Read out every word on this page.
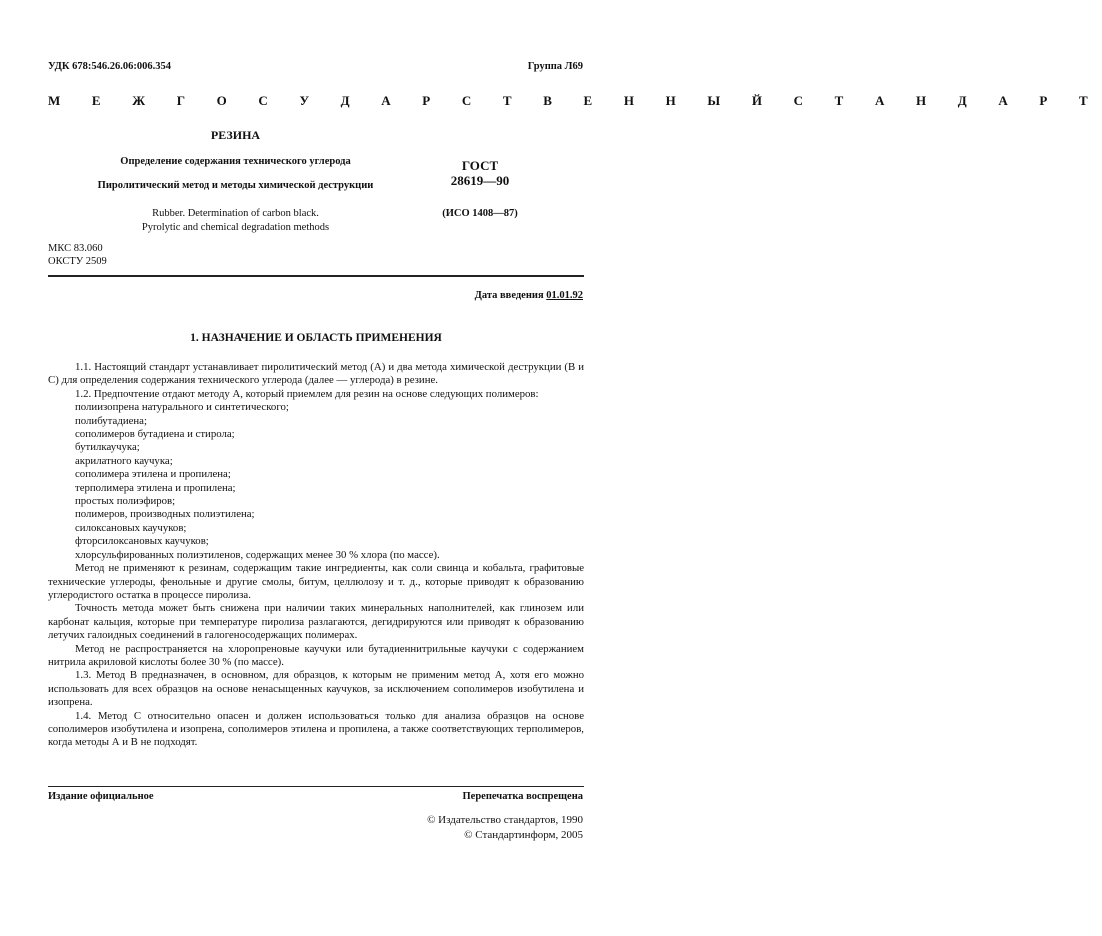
УДК 678:546.26.06:006.354	Группа Л69
М Е Ж Г О С У Д А Р С Т В Е Н Н Ы Й С Т А Н Д А Р Т
РЕЗИНА
Определение содержания технического углерода
Пиролитический метод и методы химической деструкции
Rubber. Determination of carbon black.
Pyrolytic and chemical degradation methods
ГОСТ
28619—90
(ИСО 1408—87)
МКС 83.060
ОКСТУ 2509
Дата введения 01.01.92
1. НАЗНАЧЕНИЕ И ОБЛАСТЬ ПРИМЕНЕНИЯ

1.1. Настоящий стандарт устанавливает пиролитический метод (А) и два метода химической деструкции (В и С) для определения содержания технического углерода (далее — углерода) в резине.

1.2. Предпочтение отдают методу А, который приемлем для резин на основе следующих полимеров:

полиизопрена натурального и синтетического;

полибутадиена;

сополимеров бутадиена и стирола;

бутилкаучука;

акрилатного каучука;

сополимера этилена и пропилена;

терполимера этилена и пропилена;

простых полиэфиров;

полимеров, производных полиэтилена;

силоксановых каучуков;

фторсилоксановых каучуков;

хлорсульфированных полиэтиленов, содержащих менее 30 % хлора (по массе).

Метод не применяют к резинам, содержащим такие ингредиенты, как соли свинца и кобальта, графитовые технические углероды, фенольные и другие смолы, битум, целлюлозу и т. д., которые приводят к образованию углеродистого остатка в процессе пиролиза.

Точность метода может быть снижена при наличии таких минеральных наполнителей, как глинозем или карбонат кальция, которые при температуре пиролиза разлагаются, дегидрируются или приводят к образованию летучих галоидных соединений в галогеносодержащих полимерах.

Метод не распространяется на хлоропреновые каучуки или бутадиеннитрильные каучуки с содержанием нитрила акриловой кислоты более 30 % (по массе).

1.3. Метод В предназначен, в основном, для образцов, к которым не применим метод А, хотя его можно использовать для всех образцов на основе ненасыщенных каучуков, за исключением сополимеров изобутилена и изопрена.

1.4. Метод С относительно опасен и должен использоваться только для анализа образцов на основе сополимеров изобутилена и изопрена, сополимеров этилена и пропилена, а также соответствующих терполимеров, когда методы А и В не подходят.

Издание официальное	Перепечатка воспрещена
© Издательство стандартов, 1990
© Стандартинформ, 2005
